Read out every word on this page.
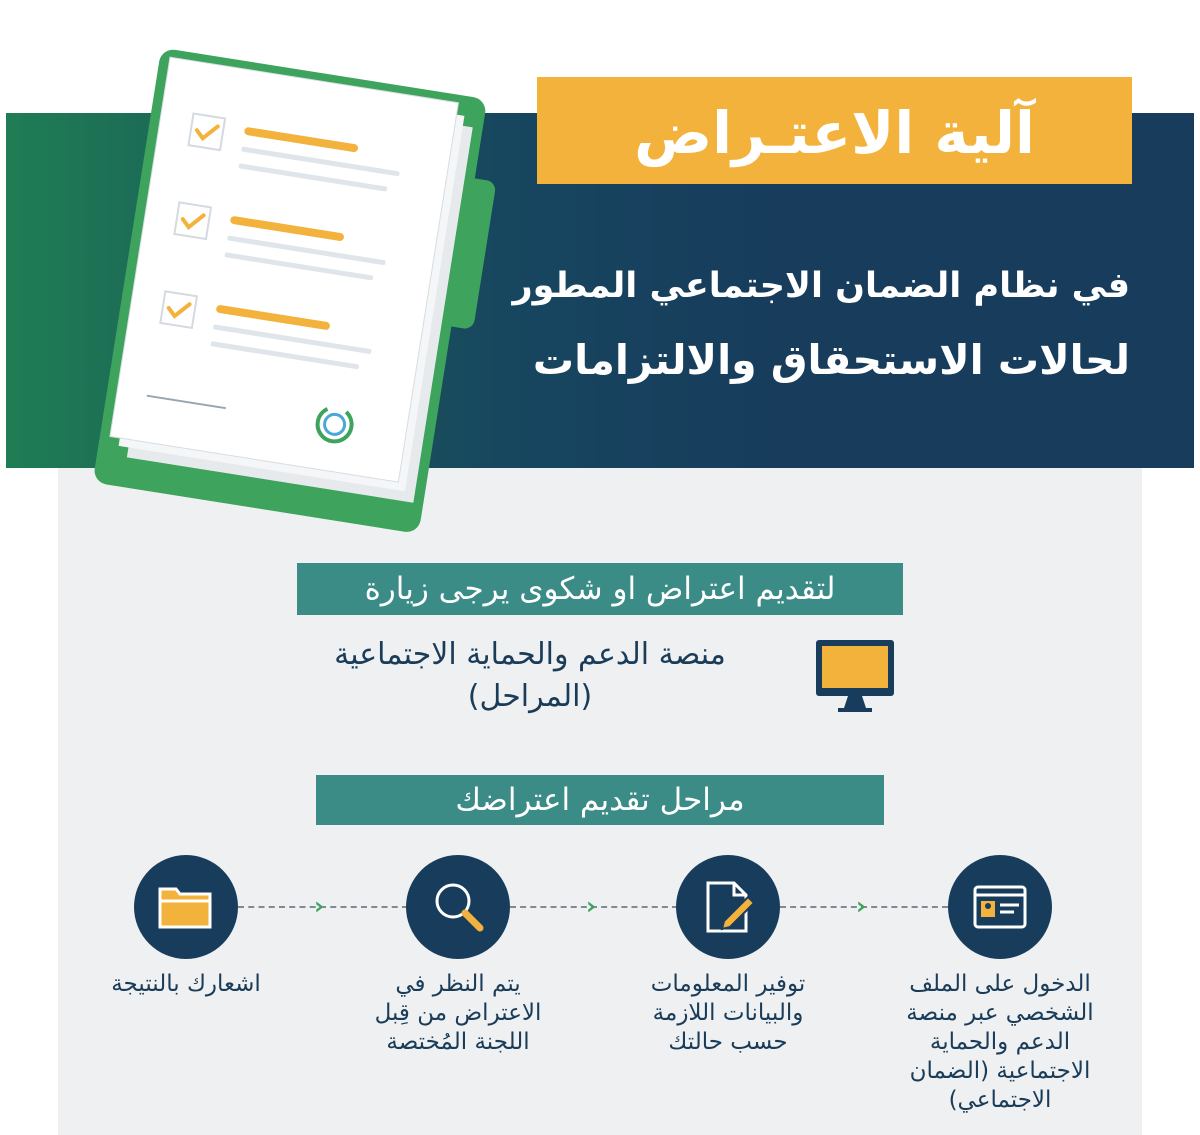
آلية الاعتـراض
في نظام الضمان الاجتماعي المطور
لحالات الاستحقاق والالتزامات
لتقديم اعتراض او شكوى يرجى زيارة
منصة الدعم والحماية الاجتماعية
(المراحل)
مراحل تقديم اعتراضك
‹	‹	‹
الدخول على الملف
الشخصي عبر منصة
الدعم والحماية
الاجتماعية (الضمان
الاجتماعي)
توفير المعلومات
والبيانات اللازمة
حسب حالتك
يتم النظر في
الاعتراض من قِبل
اللجنة المُختصة
اشعارك بالنتيجة
